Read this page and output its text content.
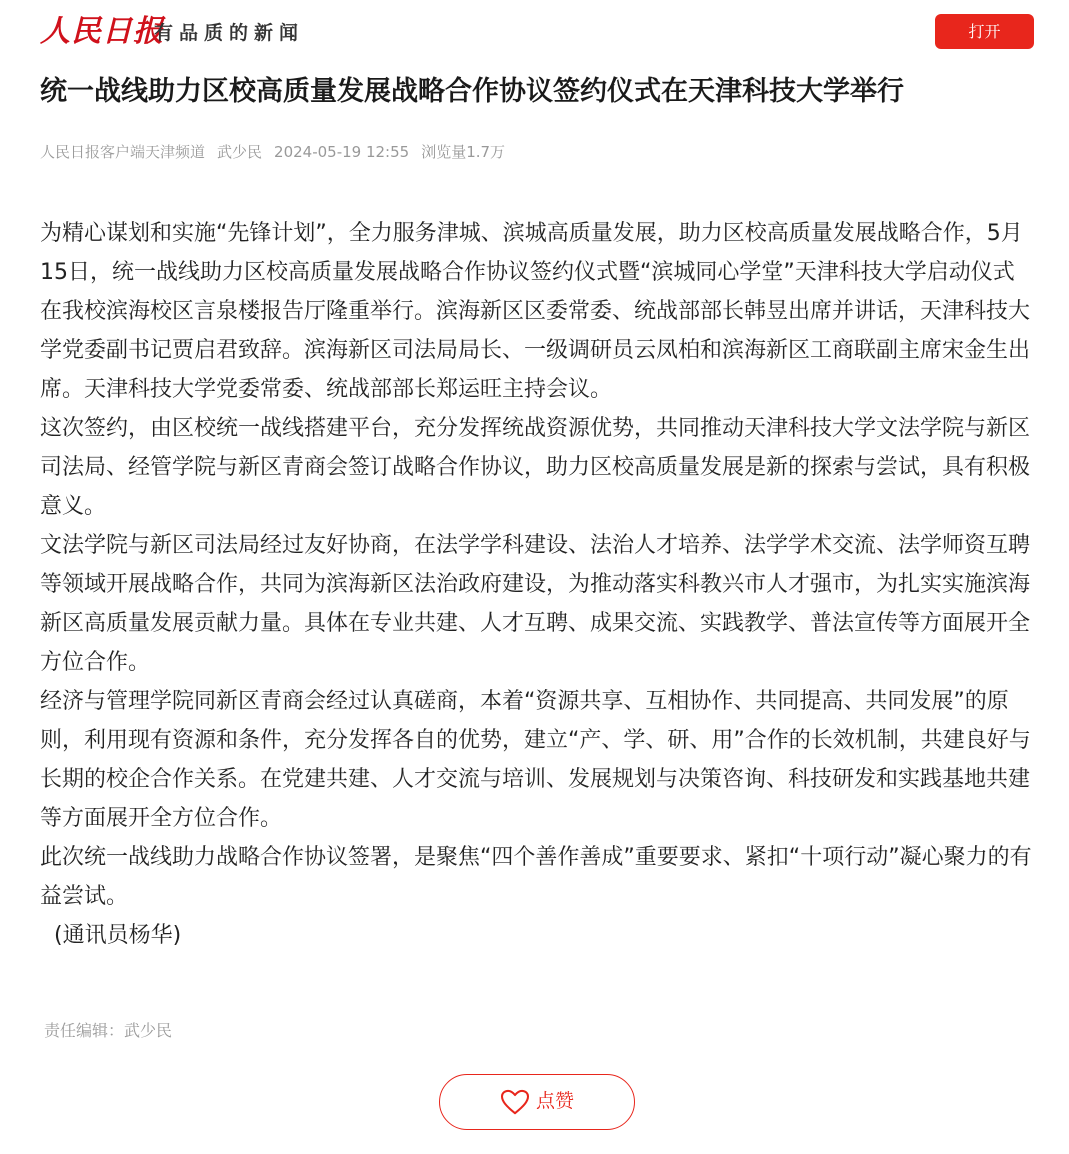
人民日报
有品质的新闻	打开
统一战线助力区校高质量发展战略合作协议签约仪式在天津科技大学举行
人民日报客户端天津频道 武少民 2024-05-19 12:55 浏览量1.7万

为精心谋划和实施“先锋计划”，全力服务津城、滨城高质量发展，助力区校高质量发展战略合作，5月15日，统一战线助力区校高质量发展战略合作协议签约仪式暨“滨城同心学堂”天津科技大学启动仪式在我校滨海校区言泉楼报告厅隆重举行。滨海新区区委常委、统战部部长韩昱出席并讲话，天津科技大学党委副书记贾启君致辞。滨海新区司法局局长、一级调研员云凤柏和滨海新区工商联副主席宋金生出席。天津科技大学党委常委、统战部部长郑运旺主持会议。

这次签约，由区校统一战线搭建平台，充分发挥统战资源优势，共同推动天津科技大学文法学院与新区司法局、经管学院与新区青商会签订战略合作协议，助力区校高质量发展是新的探索与尝试，具有积极意义。

文法学院与新区司法局经过友好协商，在法学学科建设、法治人才培养、法学学术交流、法学师资互聘等领域开展战略合作，共同为滨海新区法治政府建设，为推动落实科教兴市人才强市，为扎实实施滨海新区高质量发展贡献力量。具体在专业共建、人才互聘、成果交流、实践教学、普法宣传等方面展开全方位合作。

经济与管理学院同新区青商会经过认真磋商，本着“资源共享、互相协作、共同提高、共同发展”的原则，利用现有资源和条件，充分发挥各自的优势，建立“产、学、研、用”合作的长效机制，共建良好与长期的校企合作关系。在党建共建、人才交流与培训、发展规划与决策咨询、科技研发和实践基地共建等方面展开全方位合作。

此次统一战线助力战略合作协议签署，是聚焦“四个善作善成”重要要求、紧扣“十项行动”凝心聚力的有益尝试。

(通讯员杨华)

责任编辑：武少民
点赞
